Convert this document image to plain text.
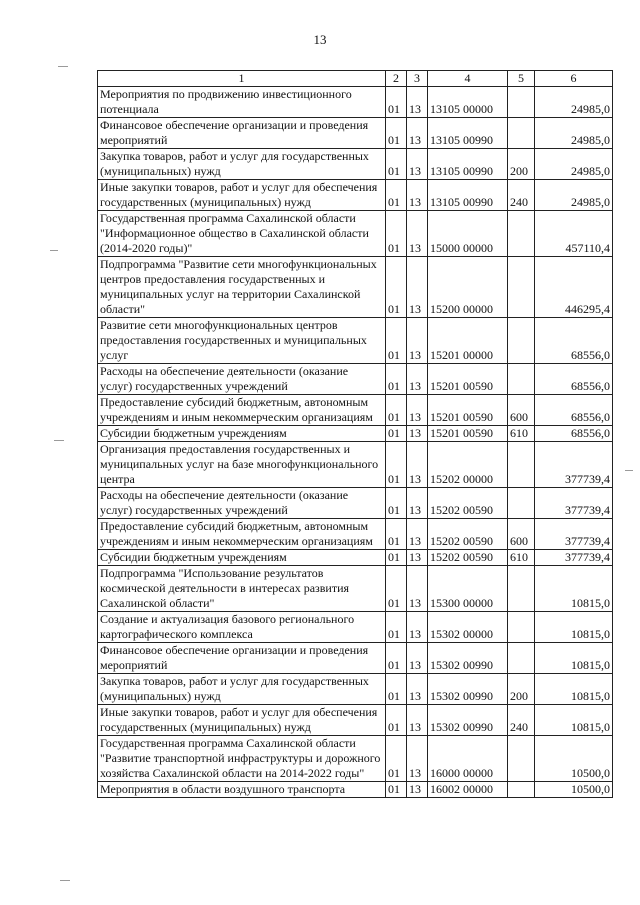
13
1	2	3	4	5	6
Мероприятия по продвижению инвестиционного потенциала	01	13	13105 00000		24985,0
Финансовое обеспечение организации и проведения мероприятий	01	13	13105 00990		24985,0
Закупка товаров, работ и услуг для государственных (муниципальных) нужд	01	13	13105 00990	200	24985,0
Иные закупки товаров, работ и услуг для обеспечения государственных (муниципальных) нужд	01	13	13105 00990	240	24985,0
Государственная программа Сахалинской области "Информационное общество в Сахалинской области (2014-2020 годы)"	01	13	15000 00000		457110,4
Подпрограмма "Развитие сети многофункциональных центров предоставления государственных и муниципальных услуг на территории Сахалинской области"	01	13	15200 00000		446295,4
Развитие сети многофункциональных центров предоставления государственных и муниципальных услуг	01	13	15201 00000		68556,0
Расходы на обеспечение деятельности (оказание услуг) государственных учреждений	01	13	15201 00590		68556,0
Предоставление субсидий бюджетным, автономным учреждениям и иным некоммерческим организациям	01	13	15201 00590	600	68556,0
Субсидии бюджетным учреждениям	01	13	15201 00590	610	68556,0
Организация предоставления государственных и муниципальных услуг на базе многофункционального центра	01	13	15202 00000		377739,4
Расходы на обеспечение деятельности (оказание услуг) государственных учреждений	01	13	15202 00590		377739,4
Предоставление субсидий бюджетным, автономным учреждениям и иным некоммерческим организациям	01	13	15202 00590	600	377739,4
Субсидии бюджетным учреждениям	01	13	15202 00590	610	377739,4
Подпрограмма "Использование результатов космической деятельности в интересах развития Сахалинской области"	01	13	15300 00000		10815,0
Создание и актуализация базового регионального картографического комплекса	01	13	15302 00000		10815,0
Финансовое обеспечение организации и проведения мероприятий	01	13	15302 00990		10815,0
Закупка товаров, работ и услуг для государственных (муниципальных) нужд	01	13	15302 00990	200	10815,0
Иные закупки товаров, работ и услуг для обеспечения государственных (муниципальных) нужд	01	13	15302 00990	240	10815,0
Государственная программа Сахалинской области "Развитие транспортной инфраструктуры и дорожного хозяйства Сахалинской области на 2014-2022 годы"	01	13	16000 00000		10500,0
Мероприятия в области воздушного транспорта	01	13	16002 00000		10500,0
